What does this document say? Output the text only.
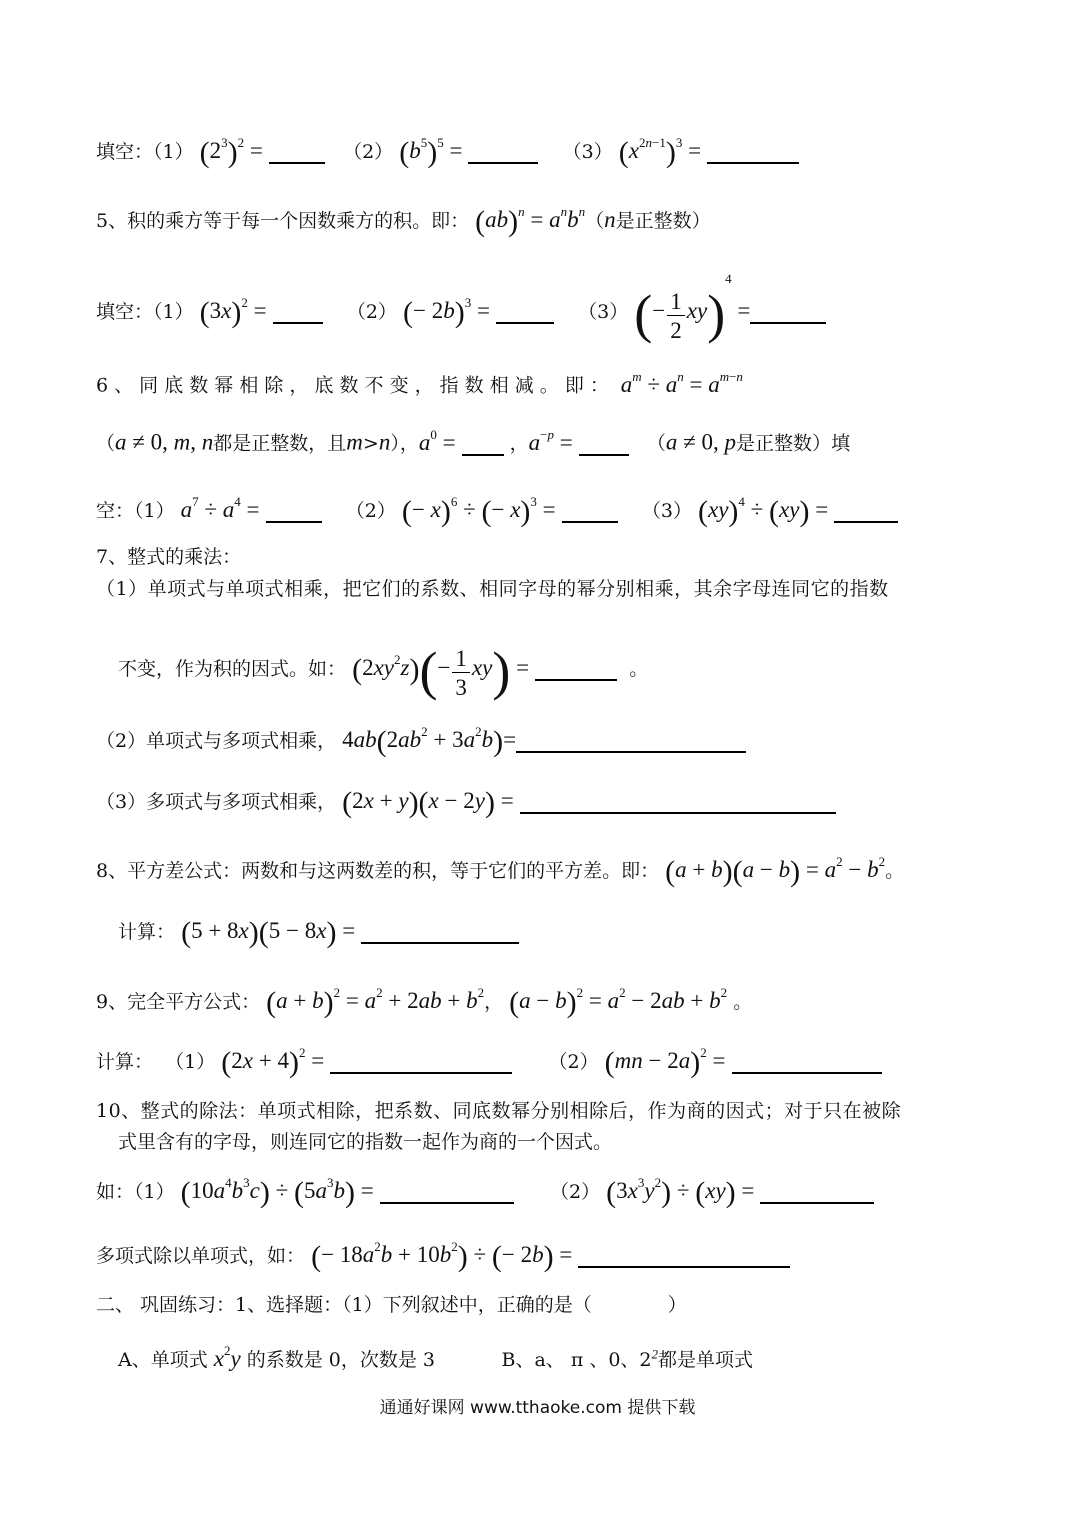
填空：（1） $(2^3)^2$ =	（2） $(b^5)^5$ =	（3） $(x^{2n-1})^3$ =
5、积的乘方等于每一个因数乘方的积。即： $(ab)^n = a^nb^n(n$是正整数）
填空：（1） $(3x)^2$ =	（2） (− 2b)$^3$ =	（3） (− $\frac{1}{2} xy)^4$ =
6 、 同 底 数 幂 相 除 ， 底 数 不 变 ， 指 数 相 减 。 即 ： $a^m \div a^n = a^{m-n}$
（a ≠ 0, m, n都是正整数，且m>n），$a^0$ =	，$a^{-p}$ =	（a ≠ 0, p是正整数）填
空：（1） $a^7 \div a^4$ =	（2） (− x)$^6$ ÷ (− x)$^3$ =	（3） (xy)$^4$ ÷ (xy) =
7、整式的乘法：
（1）单项式与单项式相乘，把它们的系数、相同字母的幂分别相乘，其余字母连同它的指数
不变，作为积的因式。如： $(2xy^2z)(- \frac{1}{3} xy)$ =	。
（2）单项式与多项式相乘， $4ab(2ab^2 + 3a^2b)=$
（3）多项式与多项式相乘， (2x + y)(x − 2y) =
8、平方差公式：两数和与这两数差的积，等于它们的平方差。即： $(a + b)(a - b) = a^2 - b^2$。
计算： (5 + 8x)(5 − 8x) =
9、完全平方公式： $(a + b)^2 = a^2 + 2ab + b^2$， $(a - b)^2 = a^2 - 2ab + b^2$ 。
计算： （1） $(2x + 4)^2$ =	（2） (mn − 2a)$^2$ =
10、整式的除法：单项式相除，把系数、同底数幂分别相除后，作为商的因式；对于只在被除
式里含有的字母，则连同它的指数一起作为商的一个因式。
如：（1） $(10a^4b^3c) \div (5a^3b)$ =	（2） $(3x^3y^2) \div (xy)$ =
多项式除以单项式，如： (− $18a^2b + 10b^2$) ÷ (− 2b) =
二、 巩固练习：1、选择题：（1）下列叙述中，正确的是（　　　　）
A、单项式 $x^2y$ 的系数是 0，次数是 3	B、a、 π 、0、$2^2$都是单项式
通通好课网 www.tthaoke.com 提供下载
